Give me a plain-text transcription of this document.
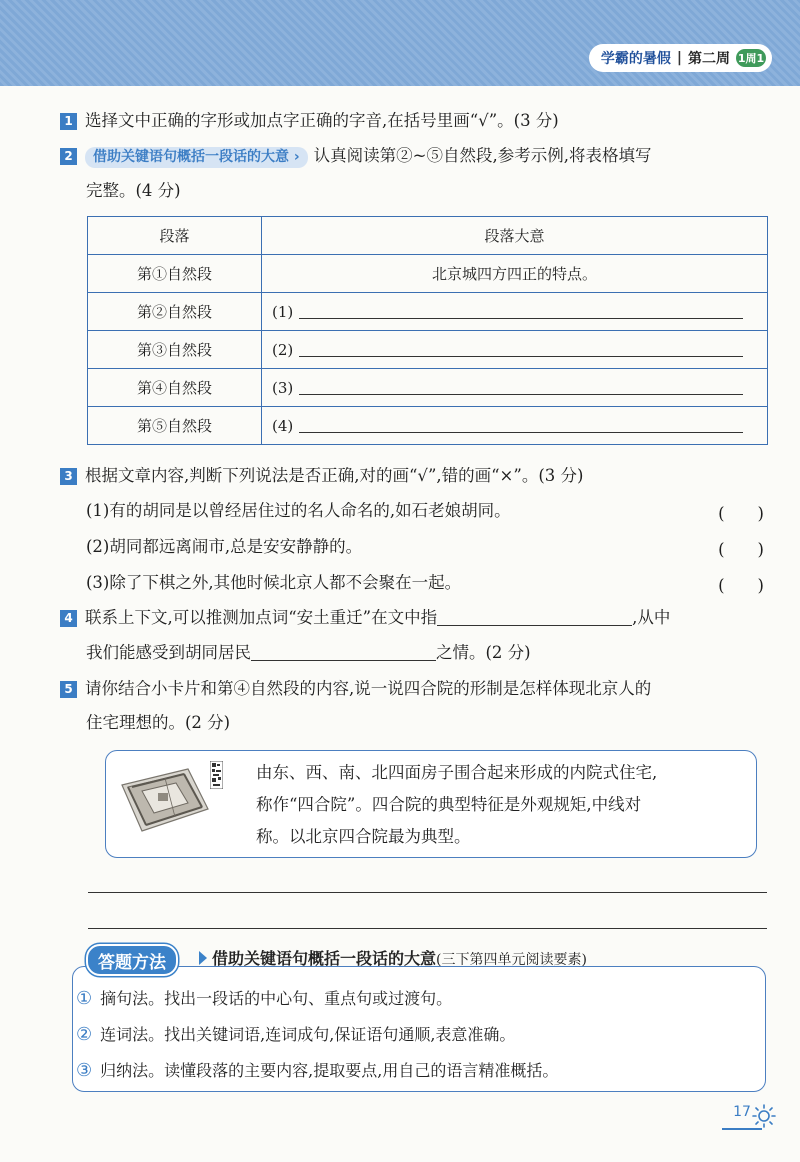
学霸的暑假 | 第二周 1周1
1 选择文中正确的字形或加点字正确的字音,在括号里画“√”。(3 分)
2 借助关键语句概括一段话的大意 › 认真阅读第②~⑤自然段,参考示例,将表格填写
完整。(4 分)
段落	段落大意
第①自然段	北京城四方四正的特点。
第②自然段	(1)
第③自然段	(2)
第④自然段	(3)
第⑤自然段	(4)
3 根据文章内容,判断下列说法是否正确,对的画“√”,错的画“×”。(3 分)
(1)有的胡同是以曾经居住过的名人命名的,如石老娘胡同。	(　　)
(2)胡同都远离闹市,总是安安静静的。	(　　)
(3)除了下棋之外,其他时候北京人都不会聚在一起。	(　　)
4 联系上下文,可以推测加点词“安土重迁”在文中指	,从中
我们能感受到胡同居民	之情。(2 分)
5 请你结合小卡片和第④自然段的内容,说一说四合院的形制是怎样体现北京人的
住宅理想的。(2 分)
由东、西、南、北四面房子围合起来形成的内院式住宅,
称作“四合院”。四合院的典型特征是外观规矩,中线对
称。以北京四合院最为典型。
答题方法	借助关键语句概括一段话的大意(三下第四单元阅读要素)
① 摘句法。找出一段话的中心句、重点句或过渡句。
② 连词法。找出关键词语,连词成句,保证语句通顺,表意准确。
③ 归纳法。读懂段落的主要内容,提取要点,用自己的语言精准概括。
17
